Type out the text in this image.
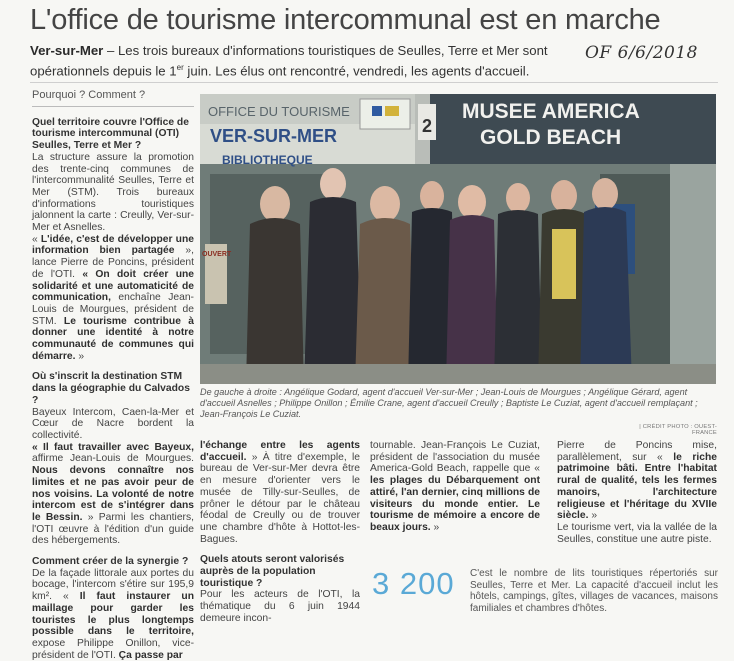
L'office de tourisme intercommunal est en marche
Ver-sur-Mer – Les trois bureaux d'informations touristiques de Seulles, Terre et Mer sont opérationnels depuis le 1er juin. Les élus ont rencontré, vendredi, les agents d'accueil.
OF 6/6/2018
Pourquoi ? Comment ?

Quel territoire couvre l'Office de tourisme intercommunal (OTI) Seulles, Terre et Mer ?

La structure assure la promotion des trente-cinq communes de l'intercommunalité Seulles, Terre et Mer (STM). Trois bureaux d'informations touristiques jalonnent la carte : Creully, Ver-sur-Mer et Asnelles.

« L'idée, c'est de développer une information bien partagée », lance Pierre de Poncins, président de l'OTI. « On doit créer une solidarité et une automaticité de communication, enchaîne Jean-Louis de Mourgues, président de STM. Le tourisme contribue à donner une identité à notre communauté de communes qui démarre. »

Où s'inscrit la destination STM dans la géographie du Calvados ?

Bayeux Intercom, Caen-la-Mer et Cœur de Nacre bordent la collectivité.

« Il faut travailler avec Bayeux, affirme Jean-Louis de Mourgues. Nous devons connaître nos limites et ne pas avoir peur de nos voisins. La volonté de notre intercom est de s'intégrer dans le Bessin. » Parmi les chantiers, l'OTI œuvre à l'édition d'un guide des hébergements.

Comment créer de la synergie ?

De la façade littorale aux portes du bocage, l'intercom s'étire sur 195,9 km². « Il faut instaurer un maillage pour garder les touristes le plus longtemps possible dans le territoire, expose Philippe Onillon, vice-président de l'OTI. Ça passe par

OFFICE DU TOURISME
VER-SUR-MER
BIBLIOTHEQUE
2
MUSEE AMERICA
GOLD BEACH
OUVERT
De gauche à droite : Angélique Godard, agent d'accueil Ver-sur-Mer ; Jean-Louis de Mourgues ; Angélique Gérard, agent d'accueil Asnelles ; Philippe Onillon ; Émilie Crane, agent d'accueil Creully ; Baptiste Le Cuziat, agent d'accueil remplaçant ; Jean-François Le Cuziat.
| CRÉDIT PHOTO : OUEST-FRANCE

l'échange entre les agents d'accueil. » À titre d'exemple, le bureau de Ver-sur-Mer devra être en mesure d'orienter vers le musée de Tilly-sur-Seulles, de prôner le détour par le château féodal de Creully ou de trouver une chambre d'hôte à Hottot-les-Bagues.

Quels atouts seront valorisés auprès de la population touristique ?

Pour les acteurs de l'OTI, la thématique du 6 juin 1944 demeure incon-

tournable. Jean-François Le Cuziat, président de l'association du musée America-Gold Beach, rappelle que « les plages du Débarquement ont attiré, l'an dernier, cinq millions de visiteurs du monde entier. Le tourisme de mémoire a encore de beaux jours. »

Pierre de Poncins mise, parallèlement, sur « le riche patrimoine bâti. Entre l'habitat rural de qualité, tels les fermes manoirs, l'architecture religieuse et l'héritage du XVIIe siècle. »

Le tourisme vert, via la vallée de la Seulles, constitue une autre piste.

3 200	C'est le nombre de lits touristiques répertoriés sur Seulles, Terre et Mer. La capacité d'accueil inclut les hôtels, campings, gîtes, villages de vacances, maisons familiales et chambres d'hôtes.
